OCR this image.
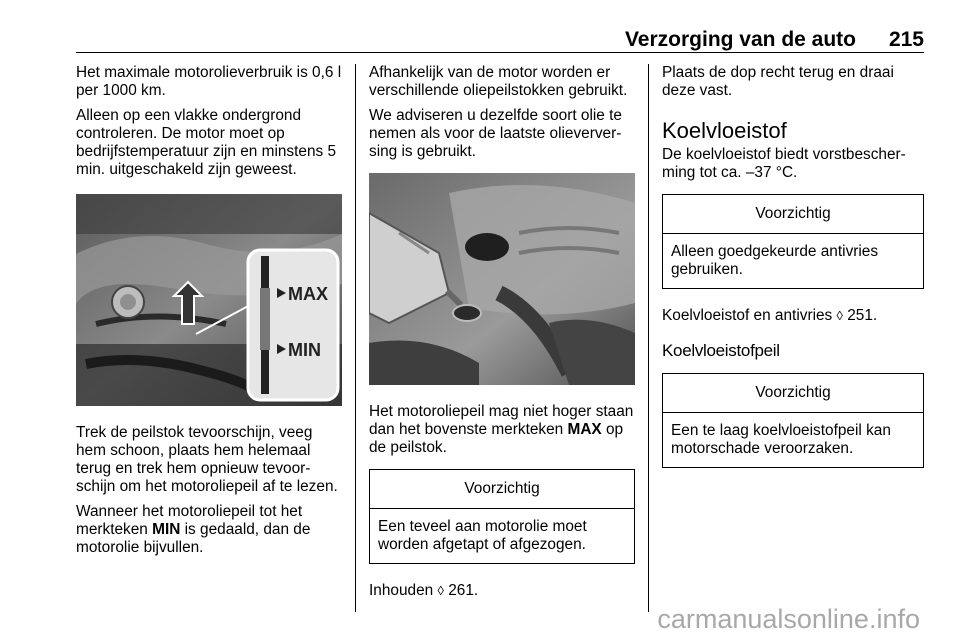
Verzorging van de auto 215

Het maximale motorolieverbruik is 0,6 l per 1000 km.

Alleen op een vlakke ondergrond controleren. De motor moet op bedrijfstemperatuur zijn en minstens 5 min. uitgeschakeld zijn geweest.

MAX
MIN

Trek de peilstok tevoorschijn, veeg hem schoon, plaats hem helemaal terug en trek hem opnieuw tevoor-schijn om het motoroliepeil af te lezen.

Wanneer het motoroliepeil tot het merkteken MIN is gedaald, dan de motorolie bijvullen.

Afhankelijk van de motor worden er verschillende oliepeilstokken gebruikt.

We adviseren u dezelfde soort olie te nemen als voor de laatste olieverver-sing is gebruikt.

Het motoroliepeil mag niet hoger staan dan het bovenste merkteken MAX op de peilstok.

Voorzichtig
Een teveel aan motorolie moet worden afgetapt of afgezogen.

Inhouden ◊ 261.

Plaats de dop recht terug en draai deze vast.

Koelvloeistof

De koelvloeistof biedt vorstbescher-ming tot ca. –37 °C.

Voorzichtig
Alleen goedgekeurde antivries gebruiken.

Koelvloeistof en antivries ◊ 251.

Koelvloeistofpeil
Voorzichtig
Een te laag koelvloeistofpeil kan motorschade veroorzaken.
carmanualsonline.info
